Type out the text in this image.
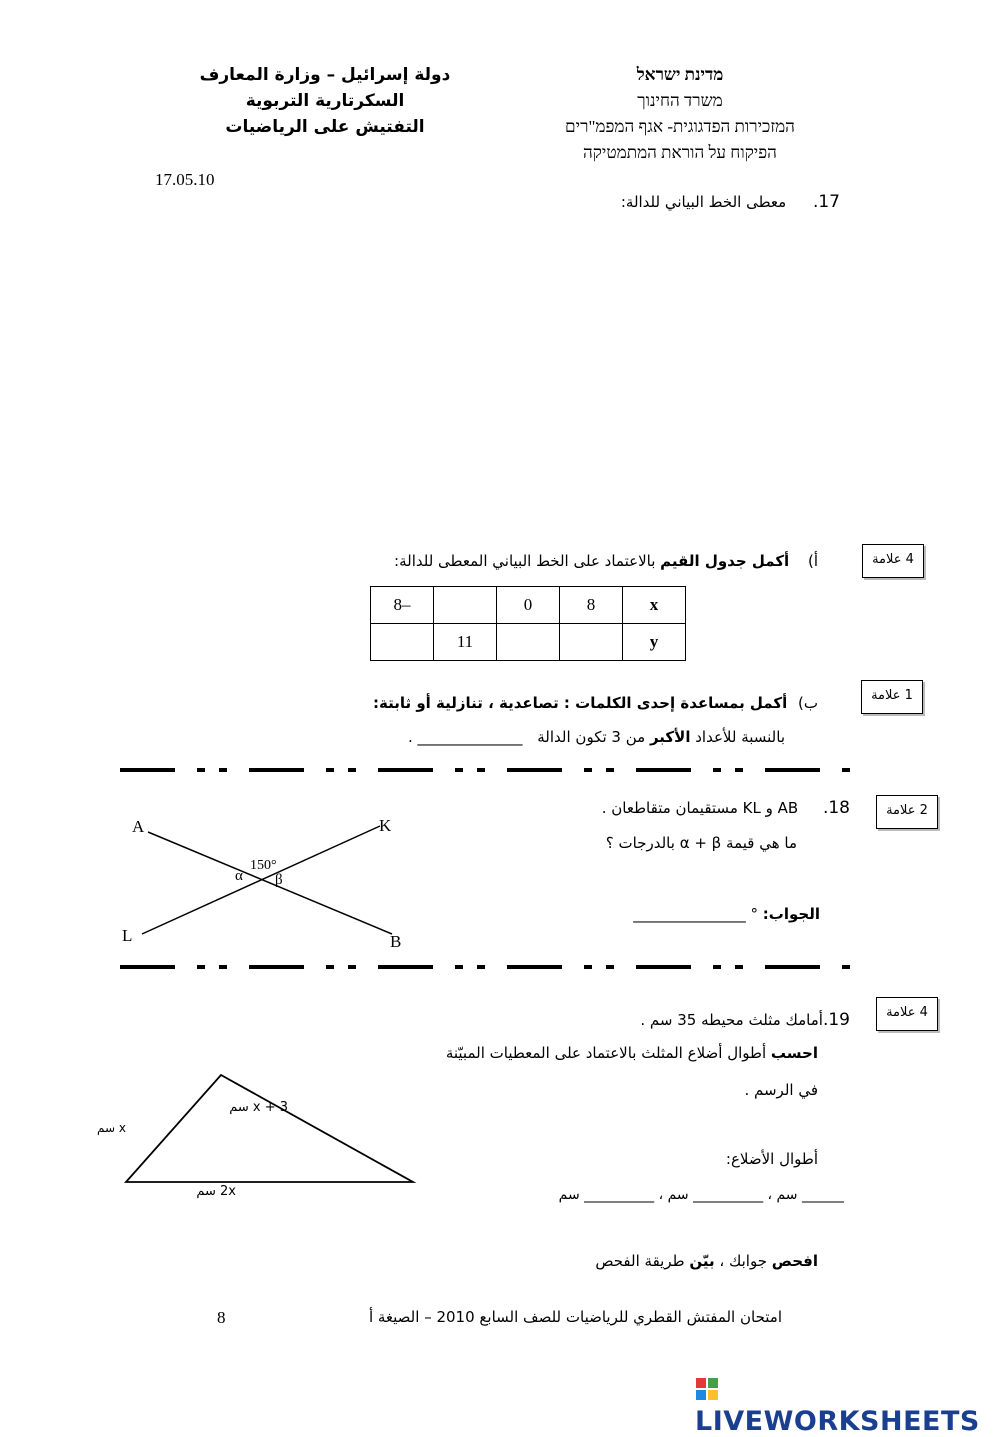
دولة إسرائيل – وزارة المعارف
السكرتارية التربوية
التفتيش على الرياضيات
מדינת ישראל
משרד החינוך
המזכירות הפדגוגית- אגף המפמ"רים
הפיקוח על הוראת המתמטיקה
17.05.10
17. معطى الخط البياني للدالة:
4 علامة
أ) أكمل جدول القيم بالاعتماد على الخط البياني المعطى للدالة:
x	8	0		–8
y			11	
1 علامة
ب) أكمل بمساعدة إحدى الكلمات : تصاعدية ، تنازلية أو ثابتة:
بالنسبة للأعداد الأكبر من 3 تكون الدالة ______________ .
2 علامة
18. AB و KL مستقيمان متقاطعان .
ما هي قيمة α + β بالدرجات ؟
الجواب: ° _______________
A	K
L	B
150°
α β
4 علامة
19.أمامك مثلث محيطه 35 سم .
احسب أطوال أضلاع المثلث بالاعتماد على المعطيات المبيّنة
في الرسم .
أطوال الأضلاع:
______ سم ، __________ سم ، __________ سم
افحص جوابك ، بيّن طريقة الفحص
x سم
x + 3 سم
2x سم
امتحان المفتش القطري للرياضيات للصف السابع 2010 – الصيغة أ
8
LIVEWORKSHEETS
